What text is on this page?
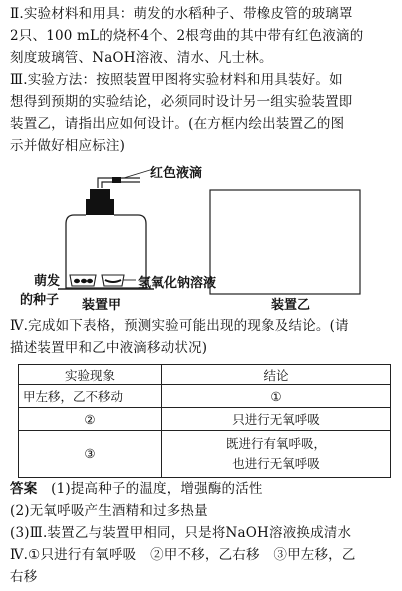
Ⅱ.实验材料和用具：萌发的水稻种子、带橡皮管的玻璃罩
2只、100 mL的烧杯4个、2根弯曲的其中带有红色液滴的
刻度玻璃管、NaOH溶液、清水、凡士林。
Ⅲ.实验方法：按照装置甲图将实验材料和用具装好。如
想得到预期的实验结论，必须同时设计另一组实验装置即
装置乙，请指出应如何设计。(在方框内绘出装置乙的图
示并做好相应标注)
红色液滴
萌发
的种子
氢氧化钠溶液
装置甲	装置乙
Ⅳ.完成如下表格，预测实验可能出现的现象及结论。(请
描述装置甲和乙中液滴移动状况)
实验现象	结论
甲左移，乙不移动	①
②	只进行无氧呼吸
③	既进行有氧呼吸，
也进行无氧呼吸
答案　 (1)提高种子的温度，增强酶的活性
(2)无氧呼吸产生酒精和过多热量
(3)Ⅲ.装置乙与装置甲相同，只是将NaOH溶液换成清水
Ⅳ.①只进行有氧呼吸　②甲不移，乙右移　③甲左移，乙
右移
